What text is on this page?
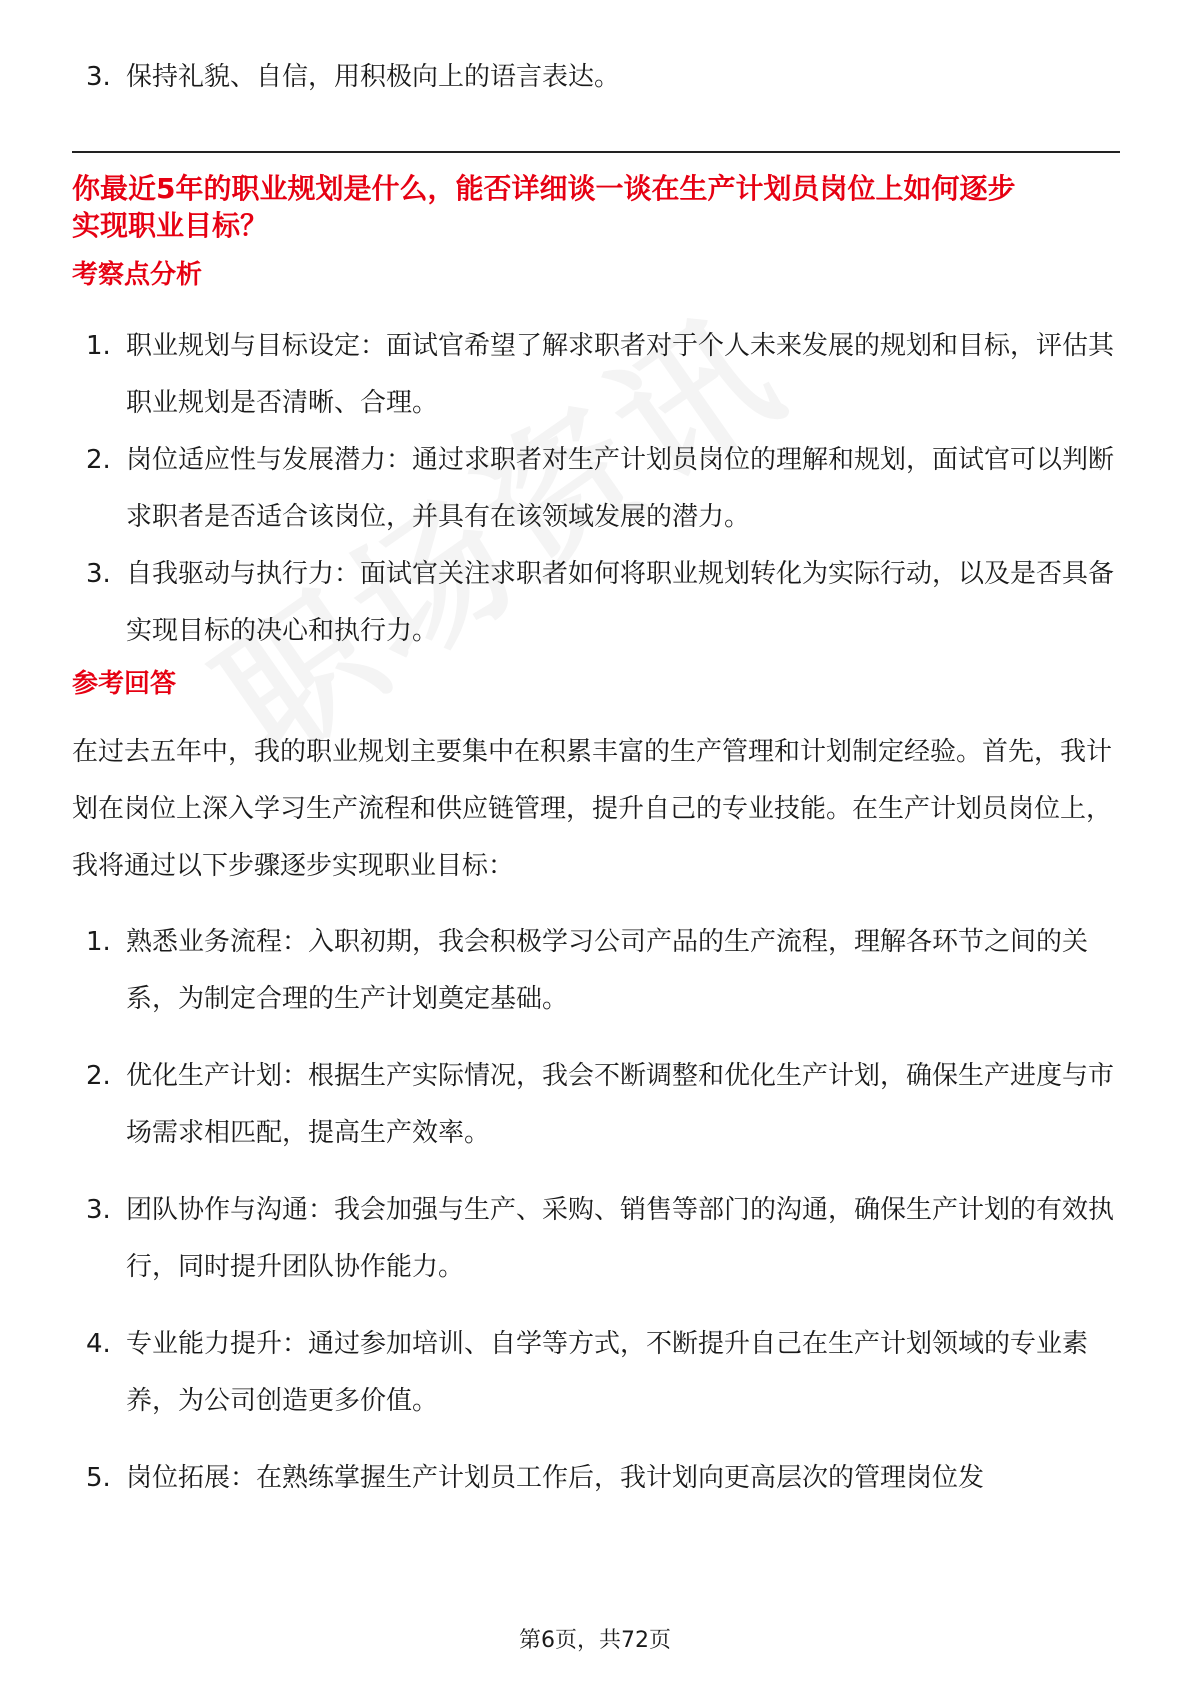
3. 保持礼貌、自信，用积极向上的语言表达。
你最近5年的职业规划是什么，能否详细谈一谈在生产计划员岗位上如何逐步实现职业目标？
考察点分析
1. 职业规划与目标设定：面试官希望了解求职者对于个人未来发展的规划和目标，评估其职业规划是否清晰、合理。
2. 岗位适应性与发展潜力：通过求职者对生产计划员岗位的理解和规划，面试官可以判断求职者是否适合该岗位，并具有在该领域发展的潜力。
3. 自我驱动与执行力：面试官关注求职者如何将职业规划转化为实际行动，以及是否具备实现目标的决心和执行力。
参考回答
在过去五年中，我的职业规划主要集中在积累丰富的生产管理和计划制定经验。首先，我计划在岗位上深入学习生产流程和供应链管理，提升自己的专业技能。在生产计划员岗位上，我将通过以下步骤逐步实现职业目标：
1. 熟悉业务流程：入职初期，我会积极学习公司产品的生产流程，理解各环节之间的关系，为制定合理的生产计划奠定基础。
2. 优化生产计划：根据生产实际情况，我会不断调整和优化生产计划，确保生产进度与市场需求相匹配，提高生产效率。
3. 团队协作与沟通：我会加强与生产、采购、销售等部门的沟通，确保生产计划的有效执行，同时提升团队协作能力。
4. 专业能力提升：通过参加培训、自学等方式，不断提升自己在生产计划领域的专业素养，为公司创造更多价值。
5. 岗位拓展：在熟练掌握生产计划员工作后，我计划向更高层次的管理岗位发
第6页，共72页
